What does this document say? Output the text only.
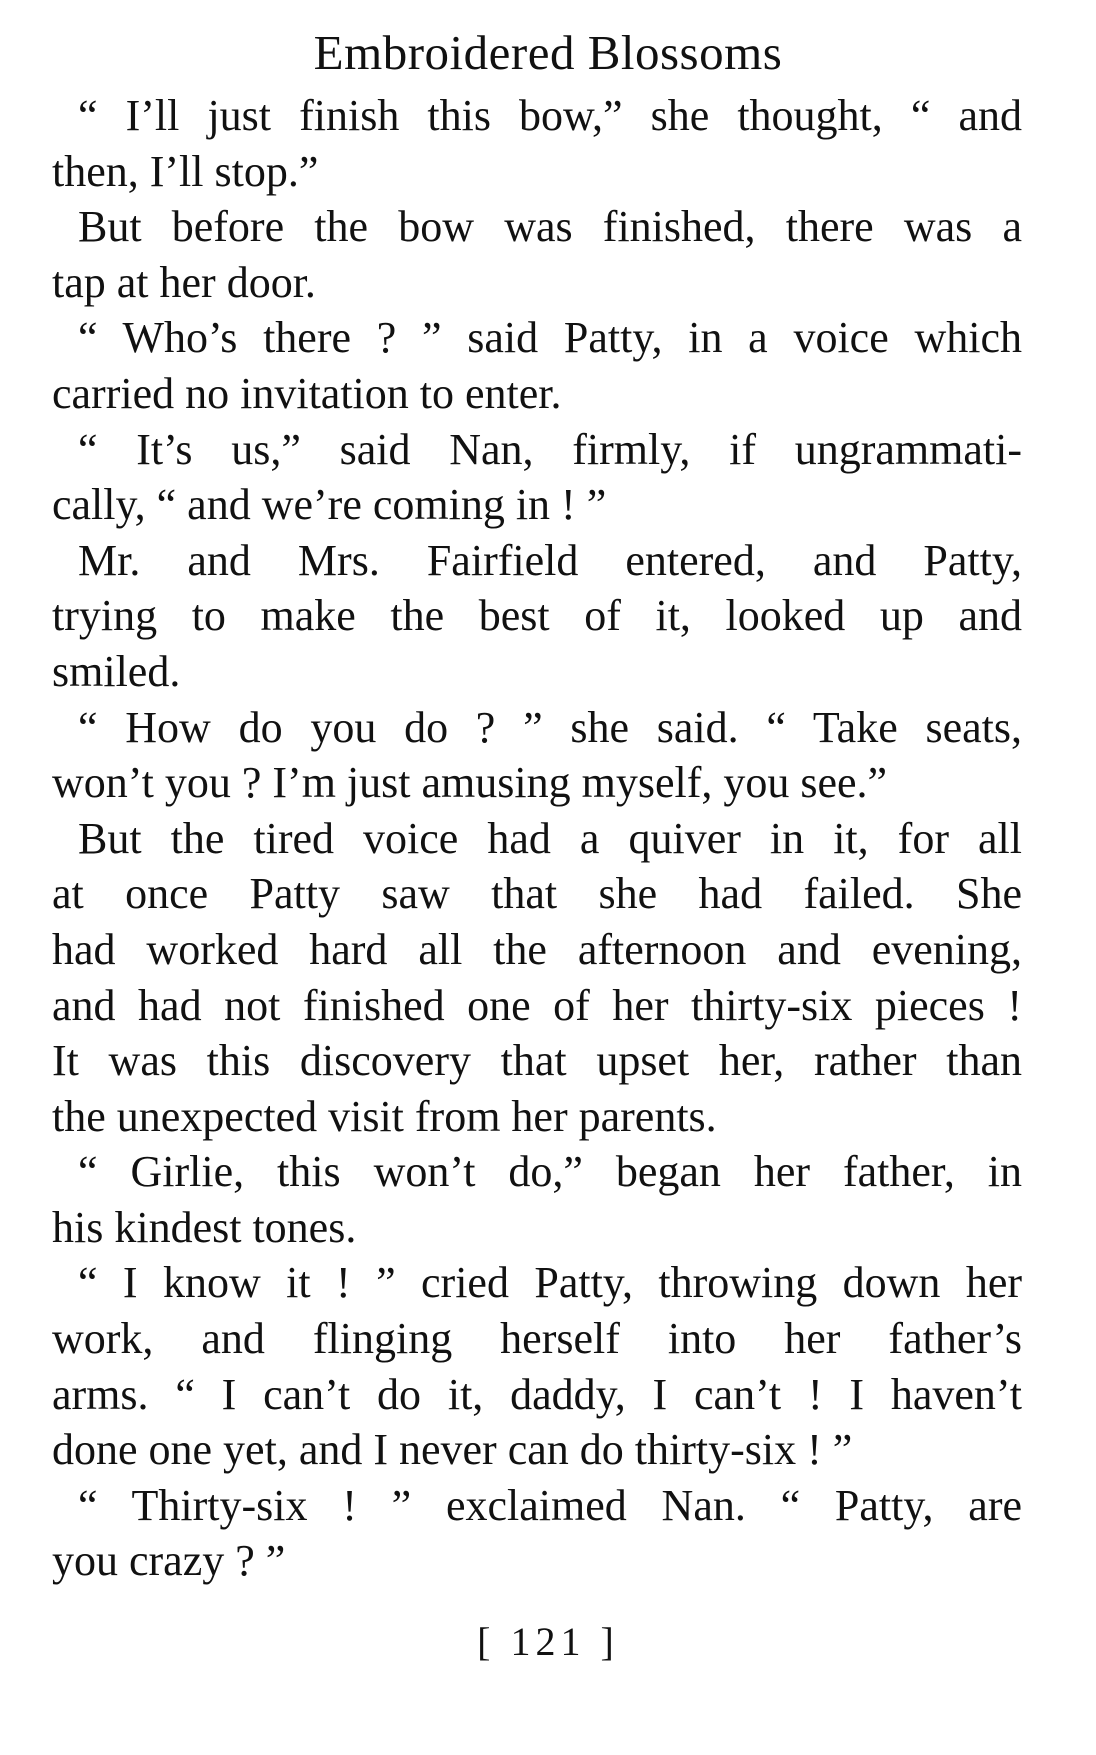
Embroidered Blossoms
“ I’ll just finish this bow,” she thought, “ and
then, I’ll stop.”
But before the bow was finished, there was a
tap at her door.
“ Who’s there ? ” said Patty, in a voice which
carried no invitation to enter.
“ It’s us,” said Nan, firmly, if ungrammati-
cally, “ and we’re coming in ! ”
Mr. and Mrs. Fairfield entered, and Patty,
trying to make the best of it, looked up and
smiled.
“ How do you do ? ” she said. “ Take seats,
won’t you ? I’m just amusing myself, you see.”
But the tired voice had a quiver in it, for all
at once Patty saw that she had failed. She
had worked hard all the afternoon and evening,
and had not finished one of her thirty-six pieces !
It was this discovery that upset her, rather than
the unexpected visit from her parents.
“ Girlie, this won’t do,” began her father, in
his kindest tones.
“ I know it ! ” cried Patty, throwing down her
work, and flinging herself into her father’s
arms. “ I can’t do it, daddy, I can’t ! I haven’t
done one yet, and I never can do thirty-six ! ”
“ Thirty-six ! ” exclaimed Nan. “ Patty, are
you crazy ? ”
[ 121 ]
